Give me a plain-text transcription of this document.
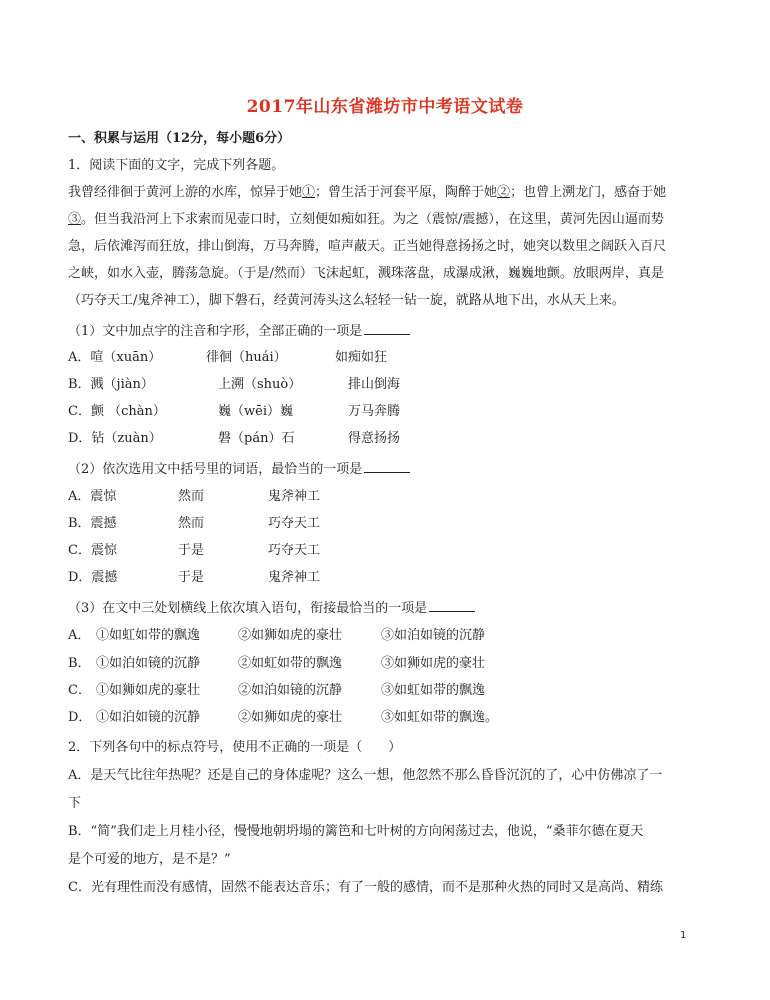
2017年山东省潍坊市中考语文试卷
一、积累与运用（12分，每小题6分）
1．阅读下面的文字，完成下列各题。
我曾经徘徊于黄河上游的水库，惊异于她①；曾生活于河套平原，陶醉于她②；也曾上溯龙门，感奋于她
③。但当我沿河上下求索而见壶口时，立刻便如痴如狂。为之（震惊/震撼），在这里，黄河先因山逼而势
急，后依滩泻而狂放，排山倒海，万马奔腾，喧声蔽天。正当她得意扬扬之时，她突以数里之阔跃入百尺
之峡，如水入壶，腾荡急旋。（于是/然而）飞沫起虹，溅珠落盘，成瀑成湫，巍巍地颤。放眼两岸，真是
（巧夺天工/鬼斧神工），脚下磐石，经黄河涛头这么轻轻一钻一旋，就路从地下出，水从天上来。
（1）文中加点字的注音和字形，全部正确的一项是
A．喧（xuān）	徘徊（huái）	如痴如狂
B．溅（jiàn）	上溯（shuò）	排山倒海
C．颤 （chàn）	巍（wēi）巍	万马奔腾
D．钻（zuàn）	磐（pán）石	得意扬扬
（2）依次选用文中括号里的词语，最恰当的一项是
A．震惊	然而	鬼斧神工
B．震撼	然而	巧夺天工
C．震惊	于是	巧夺天工
D．震撼	于是	鬼斧神工
（3）在文中三处划横线上依次填入语句，衔接最恰当的一项是
A． ①如虹如带的飘逸	②如狮如虎的豪壮	③如泊如镜的沉静
B． ①如泊如镜的沉静	②如虹如带的飘逸	③如狮如虎的豪壮
C． ①如狮如虎的豪壮	②如泊如镜的沉静	③如虹如带的飘逸
D． ①如泊如镜的沉静	②如狮如虎的豪壮	③如虹如带的飘逸。
2．下列各句中的标点符号，使用不正确的一项是（　　）
A．是天气比往年热呢？还是自己的身体虚呢？这么一想，他忽然不那么昏昏沉沉的了，心中仿佛凉了一
下
B．“简”我们走上月桂小径，慢慢地朝坍塌的篱笆和七叶树的方向闲荡过去，他说，“桑菲尔德在夏天
是个可爱的地方，是不是？”
C．光有理性而没有感情，固然不能表达音乐；有了一般的感情，而不是那种火热的同时又是高尚、精练
1
